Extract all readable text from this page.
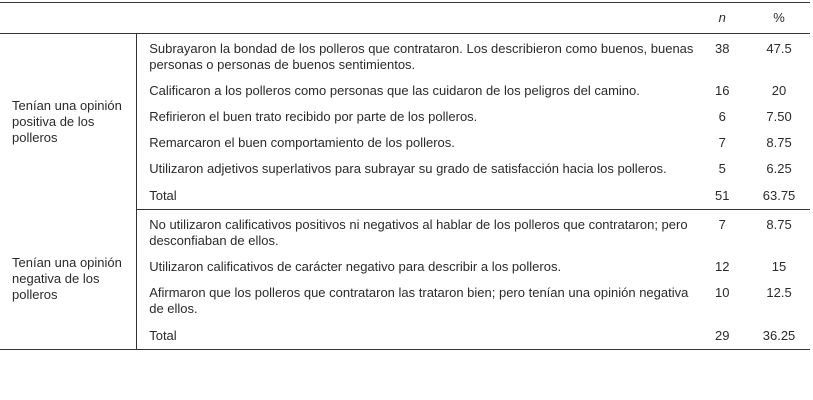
		n	%
Tenían una opinión positiva de los polleros	Subrayaron la bondad de los polleros que contrataron. Los describieron como buenos, buenas personas o personas de buenos sentimientos.	38	47.5
	Calificaron a los polleros como personas que las cuidaron de los peligros del camino.	16	20
	Refirieron el buen trato recibido por parte de los polleros.	6	7.50
	Remarcaron el buen comportamiento de los polleros.	7	8.75
	Utilizaron adjetivos superlativos para subrayar su grado de satisfacción hacia los polleros.	5	6.25
	Total	51	63.75
Tenían una opinión negativa de los polleros	No utilizaron calificativos positivos ni negativos al hablar de los polleros que contrataron; pero desconfiaban de ellos.	7	8.75
	Utilizaron calificativos de carácter negativo para describir a los polleros.	12	15
	Afirmaron que los polleros que contrataron las trataron bien; pero tenían una opinión negativa de ellos.	10	12.5
	Total	29	36.25
